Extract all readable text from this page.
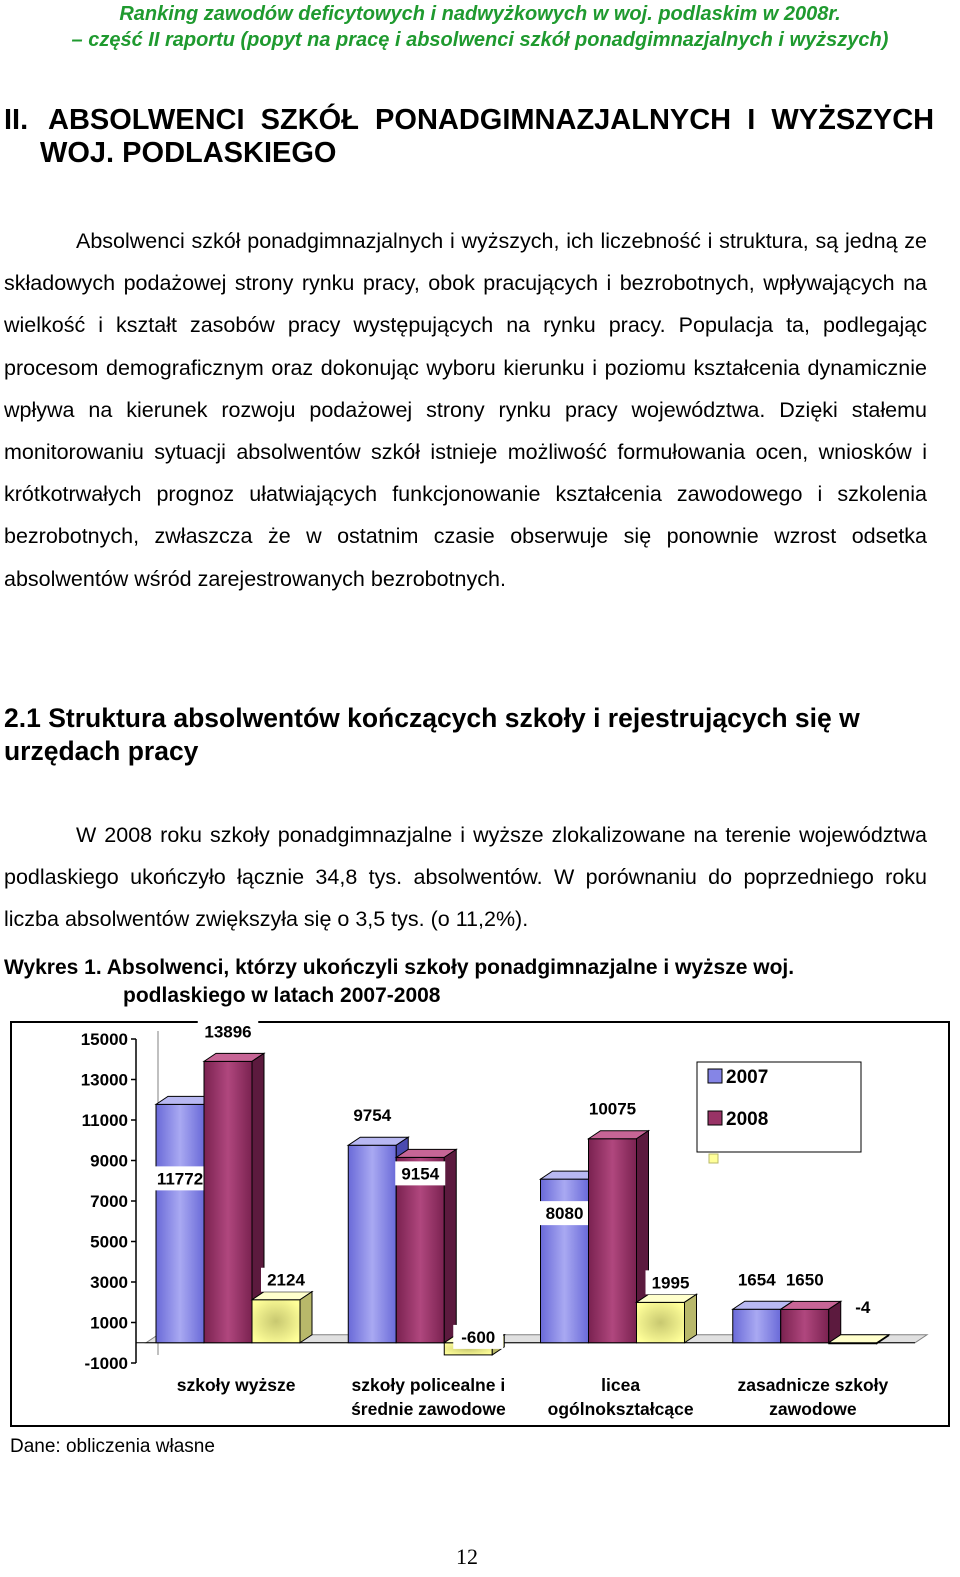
Ranking zawodów deficytowych i nadwyżkowych w woj. podlaskim w 2008r.
– część II raportu (popyt na pracę i absolwenci szkół ponadgimnazjalnych i wyższych)
II. ABSOLWENCI  SZKÓŁ  PONADGIMNAZJALNYCH  I  WYŻSZYCH
WOJ. PODLASKIEGO

Absolwenci szkół ponadgimnazjalnych i wyższych, ich liczebność i struktura, są jedną ze składowych podażowej strony rynku pracy, obok pracujących i bezrobotnych, wpływających na wielkość i kształt zasobów pracy występujących na rynku pracy. Populacja ta, podlegając procesom demograficznym oraz dokonując wyboru kierunku i poziomu kształcenia dynamicznie wpływa na kierunek rozwoju podażowej strony rynku pracy województwa. Dzięki stałemu monitorowaniu sytuacji absolwentów szkół istnieje możliwość formułowania ocen, wniosków i krótkotrwałych prognoz ułatwiających funkcjonowanie kształcenia zawodowego i szkolenia bezrobotnych, zwłaszcza że w ostatnim czasie obserwuje się ponownie wzrost odsetka absolwentów wśród zarejestrowanych bezrobotnych.

2.1 Struktura absolwentów kończących szkoły i rejestrujących się w urzędach pracy

W 2008 roku szkoły ponadgimnazjalne i wyższe zlokalizowane na terenie województwa podlaskiego ukończyło łącznie 34,8 tys. absolwentów. W porównaniu do poprzedniego roku liczba absolwentów zwiększyła się o 3,5 tys. (o 11,2%).

Wykres 1. Absolwenci, którzy ukończyli szkoły ponadgimnazjalne i wyższe woj.
podlaskiego w latach 2007-2008
15000
13000
11000
9000
7000
5000
3000
1000
-1000
11772
13896
2124
szkoły wyższe
9754
9154
-600
szkoły policealne i
średnie zawodowe
8080
10075
1995
licea
ogólnokształcące
1654 1650
-4
zasadnicze szkoły
zawodowe
2007
2008
Dane: obliczenia własne
12
